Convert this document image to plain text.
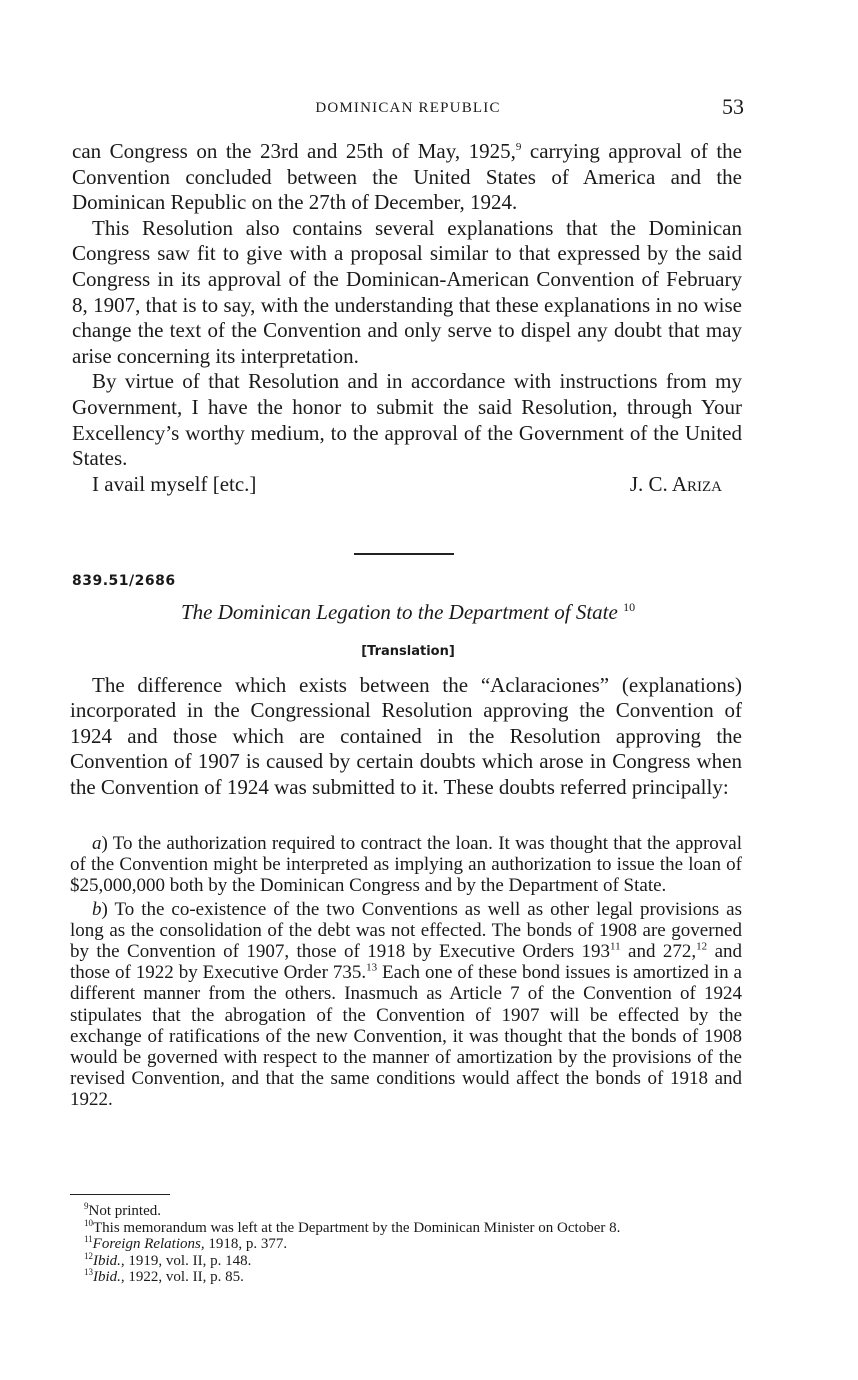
DOMINICAN REPUBLIC	53

can Congress on the 23rd and 25th of May, 1925,$^9$ carrying approval of the Convention concluded between the United States of America and the Dominican Republic on the 27th of December, 1924.

This Resolution also contains several explanations that the Dominican Congress saw fit to give with a proposal similar to that expressed by the said Congress in its approval of the Dominican-American Convention of February 8, 1907, that is to say, with the understanding that these explanations in no wise change the text of the Convention and only serve to dispel any doubt that may arise concerning its interpretation.

By virtue of that Resolution and in accordance with instructions from my Government, I have the honor to submit the said Resolution, through Your Excellency’s worthy medium, to the approval of the Government of the United States.

I avail myself [etc.]	J. C. Ariza
839.51/2686
The Dominican Legation to the Department of State $^{10}$
[Translation]

The difference which exists between the “Aclaraciones” (explanations) incorporated in the Congressional Resolution approving the Convention of 1924 and those which are contained in the Resolution approving the Convention of 1907 is caused by certain doubts which arose in Congress when the Convention of 1924 was submitted to it. These doubts referred principally:

a) To the authorization required to contract the loan. It was thought that the approval of the Convention might be interpreted as implying an authorization to issue the loan of $25,000,000 both by the Dominican Congress and by the Department of State.

b) To the co-existence of the two Conventions as well as other legal provisions as long as the consolidation of the debt was not effected. The bonds of 1908 are governed by the Convention of 1907, those of 1918 by Executive Orders $193^{11}$ and 272,12 and those of 1922 by Executive Order 735.13 Each one of these bond issues is amortized in a different manner from the others. Inasmuch as Article 7 of the Convention of 1924 stipulates that the abrogation of the Convention of 1907 will be effected by the exchange of ratifications of the new Convention, it was thought that the bonds of 1908 would be governed with respect to the manner of amortization by the provisions of the revised Convention, and that the same conditions would affect the bonds of 1918 and 1922.

$^9$Not printed.

$^{10}$This memorandum was left at the Department by the Dominican Minister on October 8.

$^{11}$Foreign Relations, 1918, p. 377.

$^{12}$Ibid., 1919, vol. II, p. 148.

$^{13}$Ibid., 1922, vol. II, p. 85.
